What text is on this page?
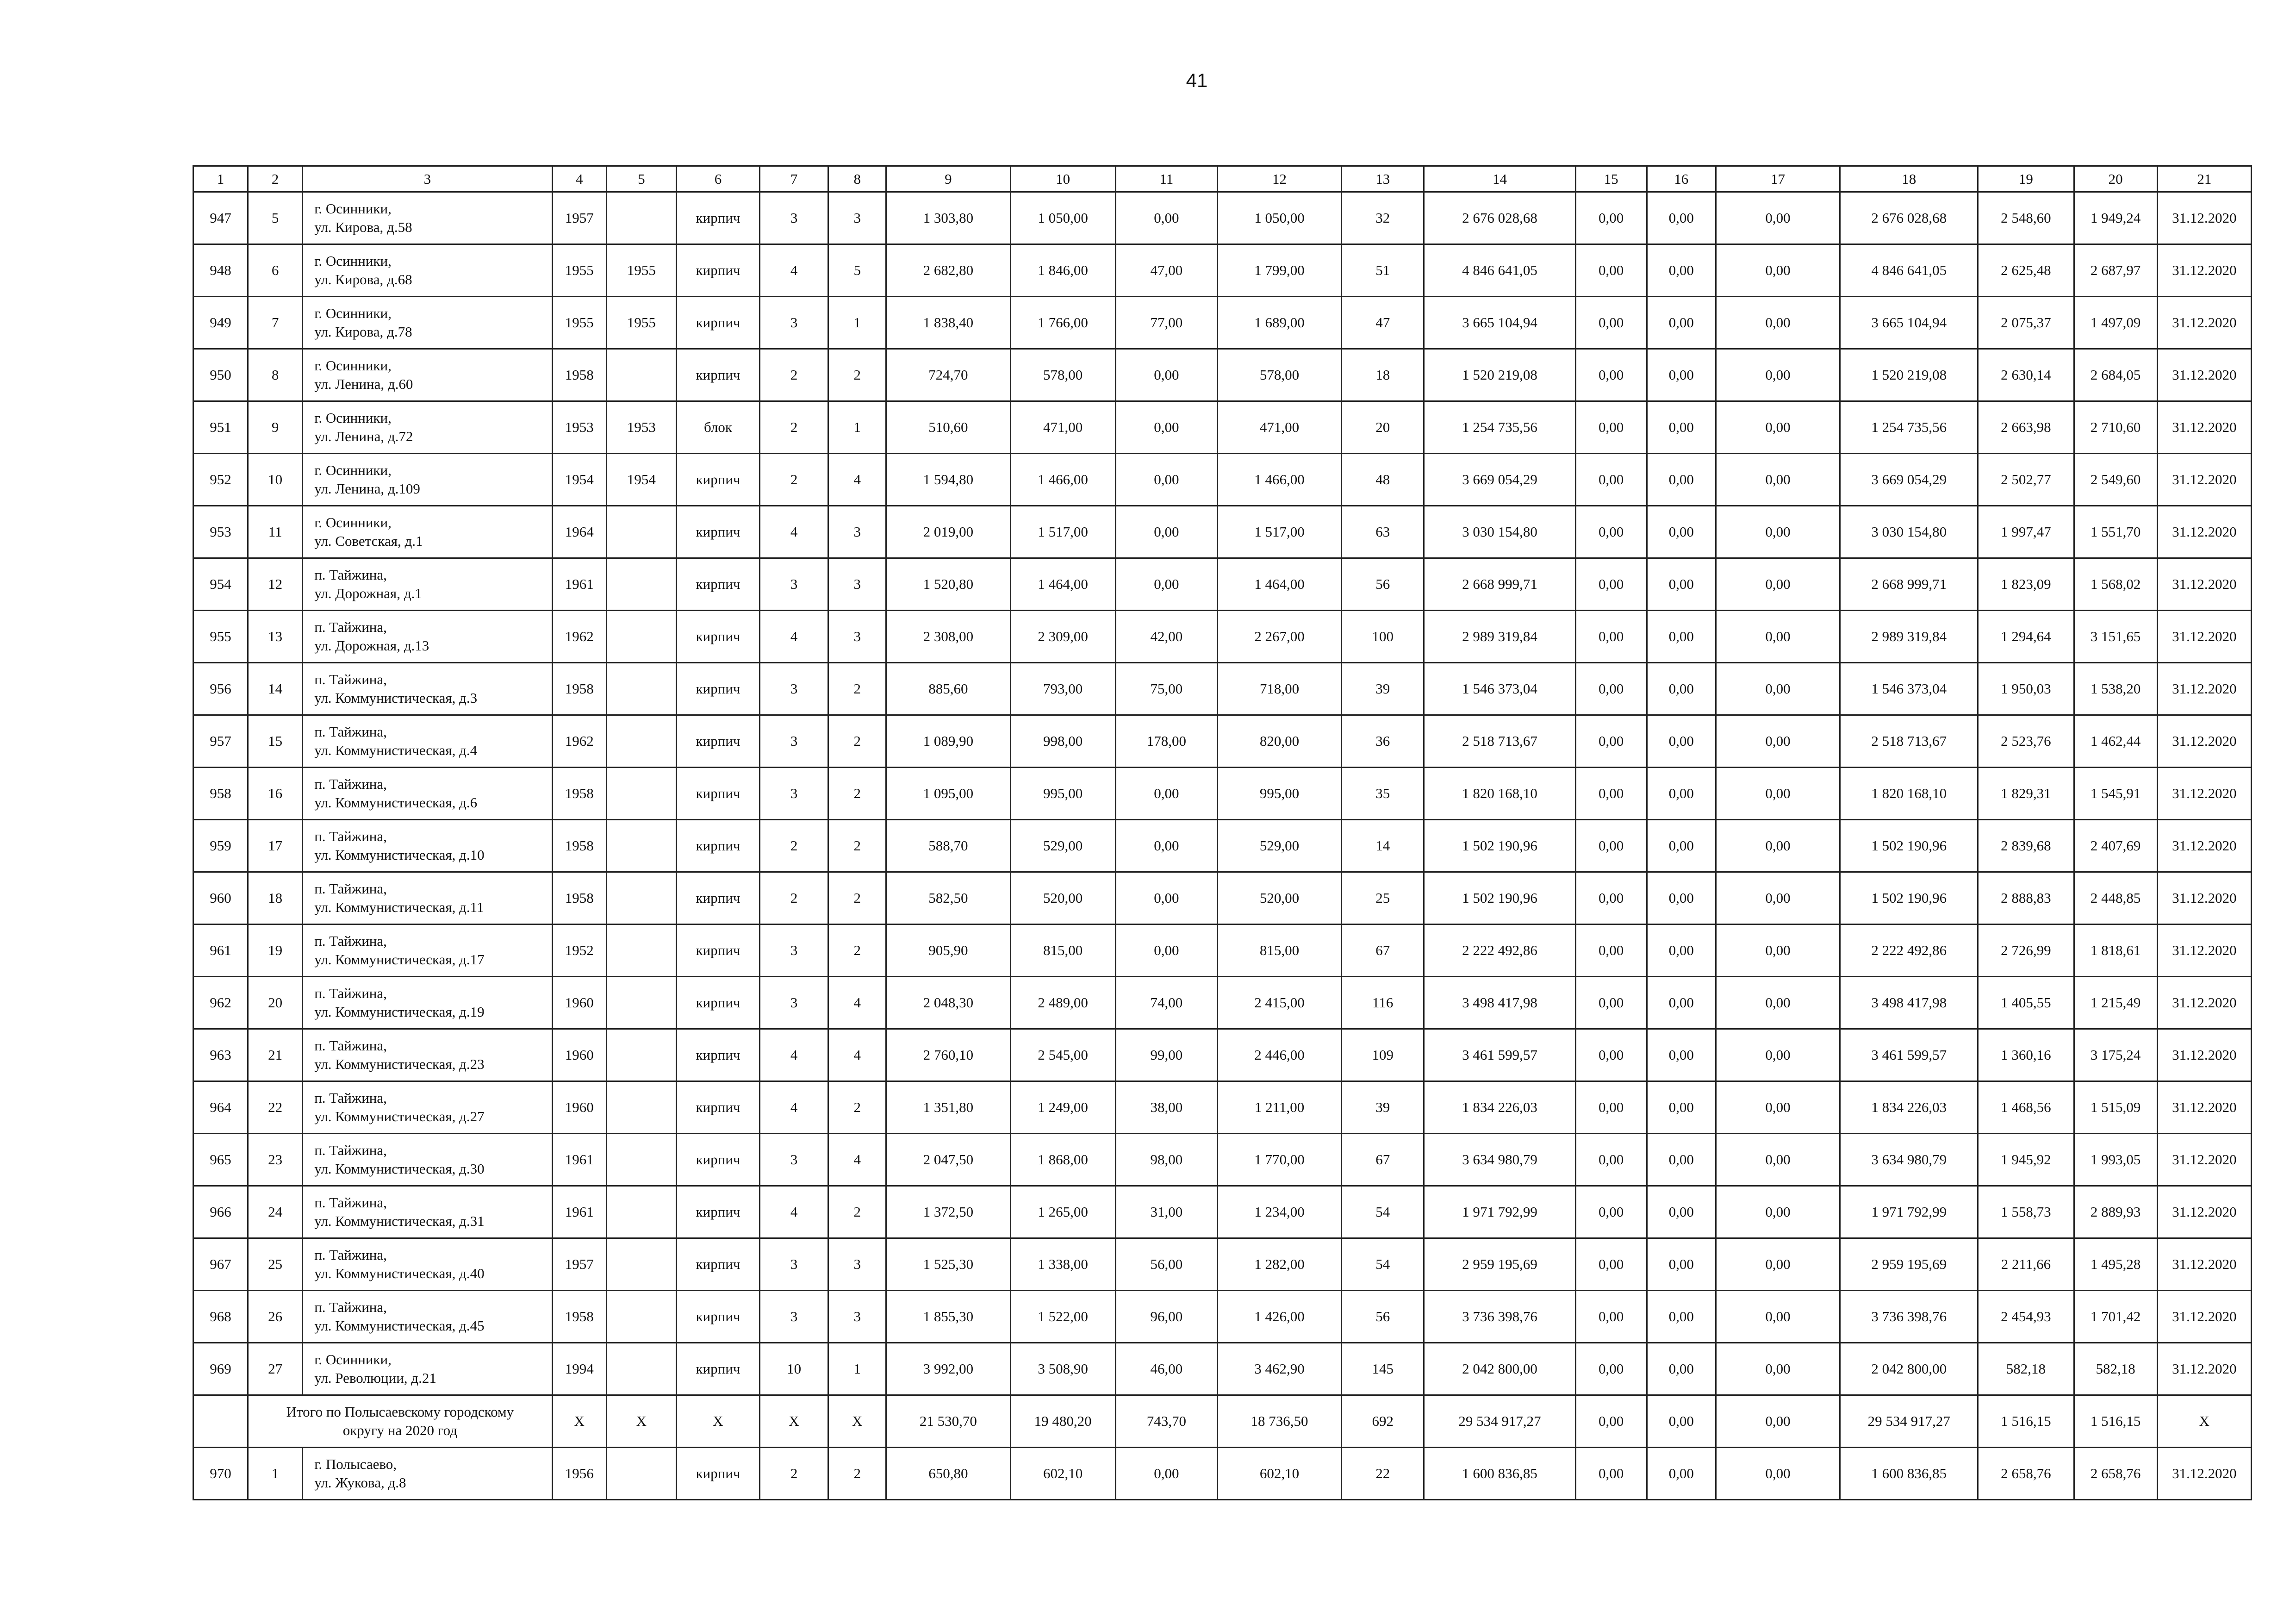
41
1	2	3	4	5	6	7	8	9	10	11	12	13	14	15	16	17	18	19	20	21
947	5	г. Осинники,
ул. Кирова, д.58	1957		кирпич	3	3	1 303,80	1 050,00	0,00	1 050,00	32	2 676 028,68	0,00	0,00	0,00	2 676 028,68	2 548,60	1 949,24	31.12.2020
948	6	г. Осинники,
ул. Кирова, д.68	1955	1955	кирпич	4	5	2 682,80	1 846,00	47,00	1 799,00	51	4 846 641,05	0,00	0,00	0,00	4 846 641,05	2 625,48	2 687,97	31.12.2020
949	7	г. Осинники,
ул. Кирова, д.78	1955	1955	кирпич	3	1	1 838,40	1 766,00	77,00	1 689,00	47	3 665 104,94	0,00	0,00	0,00	3 665 104,94	2 075,37	1 497,09	31.12.2020
950	8	г. Осинники,
ул. Ленина, д.60	1958		кирпич	2	2	724,70	578,00	0,00	578,00	18	1 520 219,08	0,00	0,00	0,00	1 520 219,08	2 630,14	2 684,05	31.12.2020
951	9	г. Осинники,
ул. Ленина, д.72	1953	1953	блок	2	1	510,60	471,00	0,00	471,00	20	1 254 735,56	0,00	0,00	0,00	1 254 735,56	2 663,98	2 710,60	31.12.2020
952	10	г. Осинники,
ул. Ленина, д.109	1954	1954	кирпич	2	4	1 594,80	1 466,00	0,00	1 466,00	48	3 669 054,29	0,00	0,00	0,00	3 669 054,29	2 502,77	2 549,60	31.12.2020
953	11	г. Осинники,
ул. Советская, д.1	1964		кирпич	4	3	2 019,00	1 517,00	0,00	1 517,00	63	3 030 154,80	0,00	0,00	0,00	3 030 154,80	1 997,47	1 551,70	31.12.2020
954	12	п. Тайжина,
ул. Дорожная, д.1	1961		кирпич	3	3	1 520,80	1 464,00	0,00	1 464,00	56	2 668 999,71	0,00	0,00	0,00	2 668 999,71	1 823,09	1 568,02	31.12.2020
955	13	п. Тайжина,
ул. Дорожная, д.13	1962		кирпич	4	3	2 308,00	2 309,00	42,00	2 267,00	100	2 989 319,84	0,00	0,00	0,00	2 989 319,84	1 294,64	3 151,65	31.12.2020
956	14	п. Тайжина,
ул. Коммунистическая, д.3	1958		кирпич	3	2	885,60	793,00	75,00	718,00	39	1 546 373,04	0,00	0,00	0,00	1 546 373,04	1 950,03	1 538,20	31.12.2020
957	15	п. Тайжина,
ул. Коммунистическая, д.4	1962		кирпич	3	2	1 089,90	998,00	178,00	820,00	36	2 518 713,67	0,00	0,00	0,00	2 518 713,67	2 523,76	1 462,44	31.12.2020
958	16	п. Тайжина,
ул. Коммунистическая, д.6	1958		кирпич	3	2	1 095,00	995,00	0,00	995,00	35	1 820 168,10	0,00	0,00	0,00	1 820 168,10	1 829,31	1 545,91	31.12.2020
959	17	п. Тайжина,
ул. Коммунистическая, д.10	1958		кирпич	2	2	588,70	529,00	0,00	529,00	14	1 502 190,96	0,00	0,00	0,00	1 502 190,96	2 839,68	2 407,69	31.12.2020
960	18	п. Тайжина,
ул. Коммунистическая, д.11	1958		кирпич	2	2	582,50	520,00	0,00	520,00	25	1 502 190,96	0,00	0,00	0,00	1 502 190,96	2 888,83	2 448,85	31.12.2020
961	19	п. Тайжина,
ул. Коммунистическая, д.17	1952		кирпич	3	2	905,90	815,00	0,00	815,00	67	2 222 492,86	0,00	0,00	0,00	2 222 492,86	2 726,99	1 818,61	31.12.2020
962	20	п. Тайжина,
ул. Коммунистическая, д.19	1960		кирпич	3	4	2 048,30	2 489,00	74,00	2 415,00	116	3 498 417,98	0,00	0,00	0,00	3 498 417,98	1 405,55	1 215,49	31.12.2020
963	21	п. Тайжина,
ул. Коммунистическая, д.23	1960		кирпич	4	4	2 760,10	2 545,00	99,00	2 446,00	109	3 461 599,57	0,00	0,00	0,00	3 461 599,57	1 360,16	3 175,24	31.12.2020
964	22	п. Тайжина,
ул. Коммунистическая, д.27	1960		кирпич	4	2	1 351,80	1 249,00	38,00	1 211,00	39	1 834 226,03	0,00	0,00	0,00	1 834 226,03	1 468,56	1 515,09	31.12.2020
965	23	п. Тайжина,
ул. Коммунистическая, д.30	1961		кирпич	3	4	2 047,50	1 868,00	98,00	1 770,00	67	3 634 980,79	0,00	0,00	0,00	3 634 980,79	1 945,92	1 993,05	31.12.2020
966	24	п. Тайжина,
ул. Коммунистическая, д.31	1961		кирпич	4	2	1 372,50	1 265,00	31,00	1 234,00	54	1 971 792,99	0,00	0,00	0,00	1 971 792,99	1 558,73	2 889,93	31.12.2020
967	25	п. Тайжина,
ул. Коммунистическая, д.40	1957		кирпич	3	3	1 525,30	1 338,00	56,00	1 282,00	54	2 959 195,69	0,00	0,00	0,00	2 959 195,69	2 211,66	1 495,28	31.12.2020
968	26	п. Тайжина,
ул. Коммунистическая, д.45	1958		кирпич	3	3	1 855,30	1 522,00	96,00	1 426,00	56	3 736 398,76	0,00	0,00	0,00	3 736 398,76	2 454,93	1 701,42	31.12.2020
969	27	г. Осинники,
ул. Революции, д.21	1994		кирпич	10	1	3 992,00	3 508,90	46,00	3 462,90	145	2 042 800,00	0,00	0,00	0,00	2 042 800,00	582,18	582,18	31.12.2020

	Итого по Полысаевскому городскому
округу на 2020 год		X	X	X	X	X	21 530,70	19 480,20	743,70	18 736,50	692	29 534 917,27	0,00	0,00	0,00	29 534 917,27	1 516,15	1 516,15	X
970	1	г. Полысаево,
ул. Жукова, д.8	1956		кирпич	2	2	650,80	602,10	0,00	602,10	22	1 600 836,85	0,00	0,00	0,00	1 600 836,85	2 658,76	2 658,76	31.12.2020
